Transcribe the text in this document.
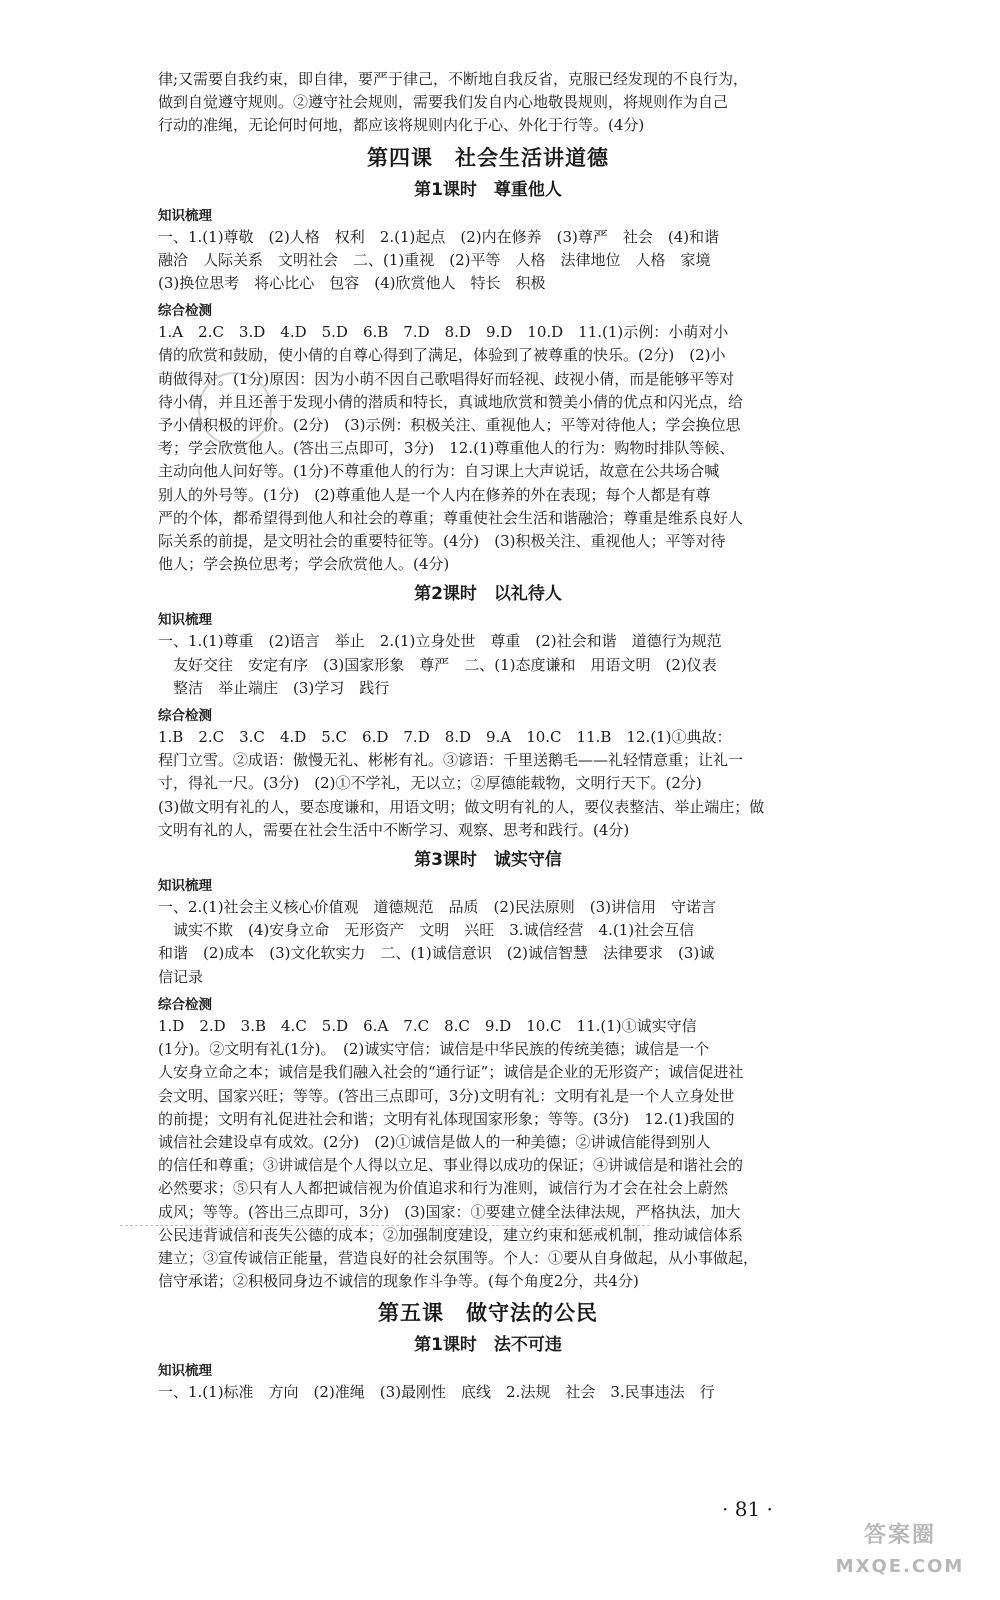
律;又需要自我约束，即自律，要严于律己，不断地自我反省，克服已经发现的不良行为，

做到自觉遵守规则。②遵守社会规则，需要我们发自内心地敬畏规则，将规则作为自己

行动的准绳，无论何时何地，都应该将规则内化于心、外化于行等。(4分)

第四课　社会生活讲道德
第1课时　尊重他人
知识梳理

一、1.(1)尊敬　(2)人格　权利　2.(1)起点　(2)内在修养　(3)尊严　社会　(4)和谐

融洽　人际关系　文明社会　二、(1)重视　(2)平等　人格　法律地位　人格　家境

(3)换位思考　将心比心　包容　(4)欣赏他人　特长　积极

综合检测

1.A　2.C　3.D　4.D　5.D　6.B　7.D　8.D　9.D　10.D　11.(1)示例：小萌对小

倩的欣赏和鼓励，使小倩的自尊心得到了满足，体验到了被尊重的快乐。(2分)　(2)小

萌做得对。(1分)原因：因为小萌不因自己歌唱得好而轻视、歧视小倩，而是能够平等对

待小倩，并且还善于发现小倩的潜质和特长，真诚地欣赏和赞美小倩的优点和闪光点，给

予小倩积极的评价。(2分)　(3)示例：积极关注、重视他人；平等对待他人；学会换位思

考；学会欣赏他人。(答出三点即可，3分)　12.(1)尊重他人的行为：购物时排队等候、

主动向他人问好等。(1分)不尊重他人的行为：自习课上大声说话，故意在公共场合喊

别人的外号等。(1分)　(2)尊重他人是一个人内在修养的外在表现；每个人都是有尊

严的个体，都希望得到他人和社会的尊重；尊重使社会生活和谐融洽；尊重是维系良好人

际关系的前提，是文明社会的重要特征等。(4分)　(3)积极关注、重视他人；平等对待

他人；学会换位思考；学会欣赏他人。(4分)

第2课时　以礼待人
知识梳理

一、1.(1)尊重　(2)语言　举止　2.(1)立身处世　尊重　(2)社会和谐　道德行为规范

　友好交往　安定有序　(3)国家形象　尊严　二、(1)态度谦和　用语文明　(2)仪表

　整洁　举止端庄　(3)学习　践行

综合检测

1.B　2.C　3.C　4.D　5.C　6.D　7.D　8.D　9.A　10.C　11.B　12.(1)①典故：

程门立雪。②成语：傲慢无礼、彬彬有礼。③谚语：千里送鹅毛——礼轻情意重；让礼一

寸，得礼一尺。(3分)　(2)①不学礼，无以立；②厚德能载物，文明行天下。(2分)

(3)做文明有礼的人，要态度谦和，用语文明；做文明有礼的人，要仪表整洁、举止端庄；做

文明有礼的人，需要在社会生活中不断学习、观察、思考和践行。(4分)

第3课时　诚实守信
知识梳理

一、2.(1)社会主义核心价值观　道德规范　品质　(2)民法原则　(3)讲信用　守诺言

　诚实不欺　(4)安身立命　无形资产　文明　兴旺　3.诚信经营　4.(1)社会互信

和谐　(2)成本　(3)文化软实力　二、(1)诚信意识　(2)诚信智慧　法律要求　(3)诚

信记录

综合检测

1.D　2.D　3.B　4.C　5.D　6.A　7.C　8.C　9.D　10.C　11.(1)①诚实守信

(1分)。②文明有礼(1分)。　(2)诚实守信：诚信是中华民族的传统美德；诚信是一个

人安身立命之本；诚信是我们融入社会的“通行证”；诚信是企业的无形资产；诚信促进社

会文明、国家兴旺；等等。(答出三点即可，3分)文明有礼：文明有礼是一个人立身处世

的前提；文明有礼促进社会和谐；文明有礼体现国家形象；等等。(3分)　12.(1)我国的

诚信社会建设卓有成效。(2分)　(2)①诚信是做人的一种美德；②讲诚信能得到别人

的信任和尊重；③讲诚信是个人得以立足、事业得以成功的保证；④讲诚信是和谐社会的

必然要求；⑤只有人人都把诚信视为价值追求和行为准则，诚信行为才会在社会上蔚然

成风；等等。(答出三点即可，3分)　(3)国家：①要建立健全法律法规，严格执法，加大

公民违背诚信和丧失公德的成本；②加强制度建设，建立约束和惩戒机制，推动诚信体系

建立；③宣传诚信正能量，营造良好的社会氛围等。个人：①要从自身做起，从小事做起，

信守承诺；②积极同身边不诚信的现象作斗争等。(每个角度2分，共4分)

第五课　做守法的公民
第1课时　法不可违
知识梳理

一、1.(1)标准　方向　(2)准绳　(3)最刚性　底线　2.法规　社会　3.民事违法　行

· 81 ·
答案圈
MXQE.COM
